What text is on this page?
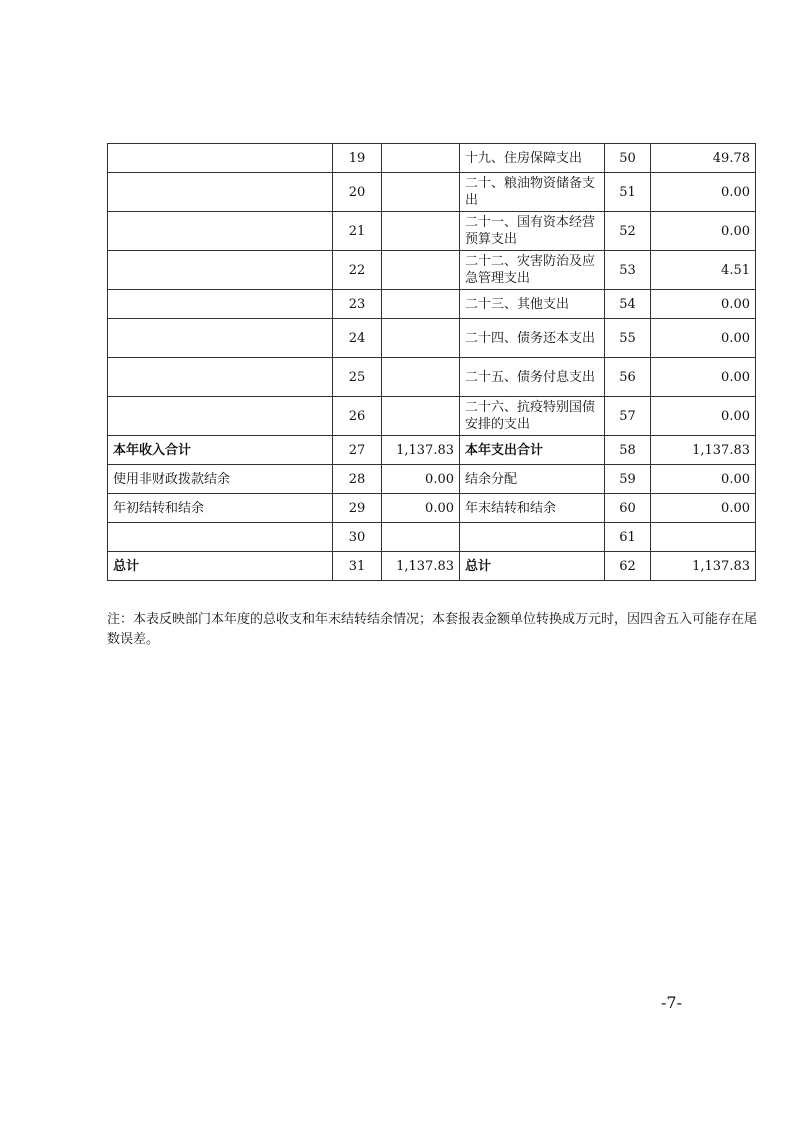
	19		十九、住房保障支出	50	49.78
	20		二十、粮油物资储备支出	51	0.00
	21		二十一、国有资本经营预算支出	52	0.00
	22		二十二、灾害防治及应急管理支出	53	4.51
	23		二十三、其他支出	54	0.00
	24		二十四、债务还本支出	55	0.00
	25		二十五、债务付息支出	56	0.00
	26		二十六、抗疫特别国债安排的支出	57	0.00
本年收入合计	27	1,137.83	本年支出合计	58	1,137.83
使用非财政拨款结余	28	0.00	结余分配	59	0.00
年初结转和结余	29	0.00	年末结转和结余	60	0.00
	30			61	
总计	31	1,137.83	总计	62	1,137.83
注：本表反映部门本年度的总收支和年末结转结余情况；本套报表金额单位转换成万元时，因四舍五入可能存在尾数误差。
-7-
